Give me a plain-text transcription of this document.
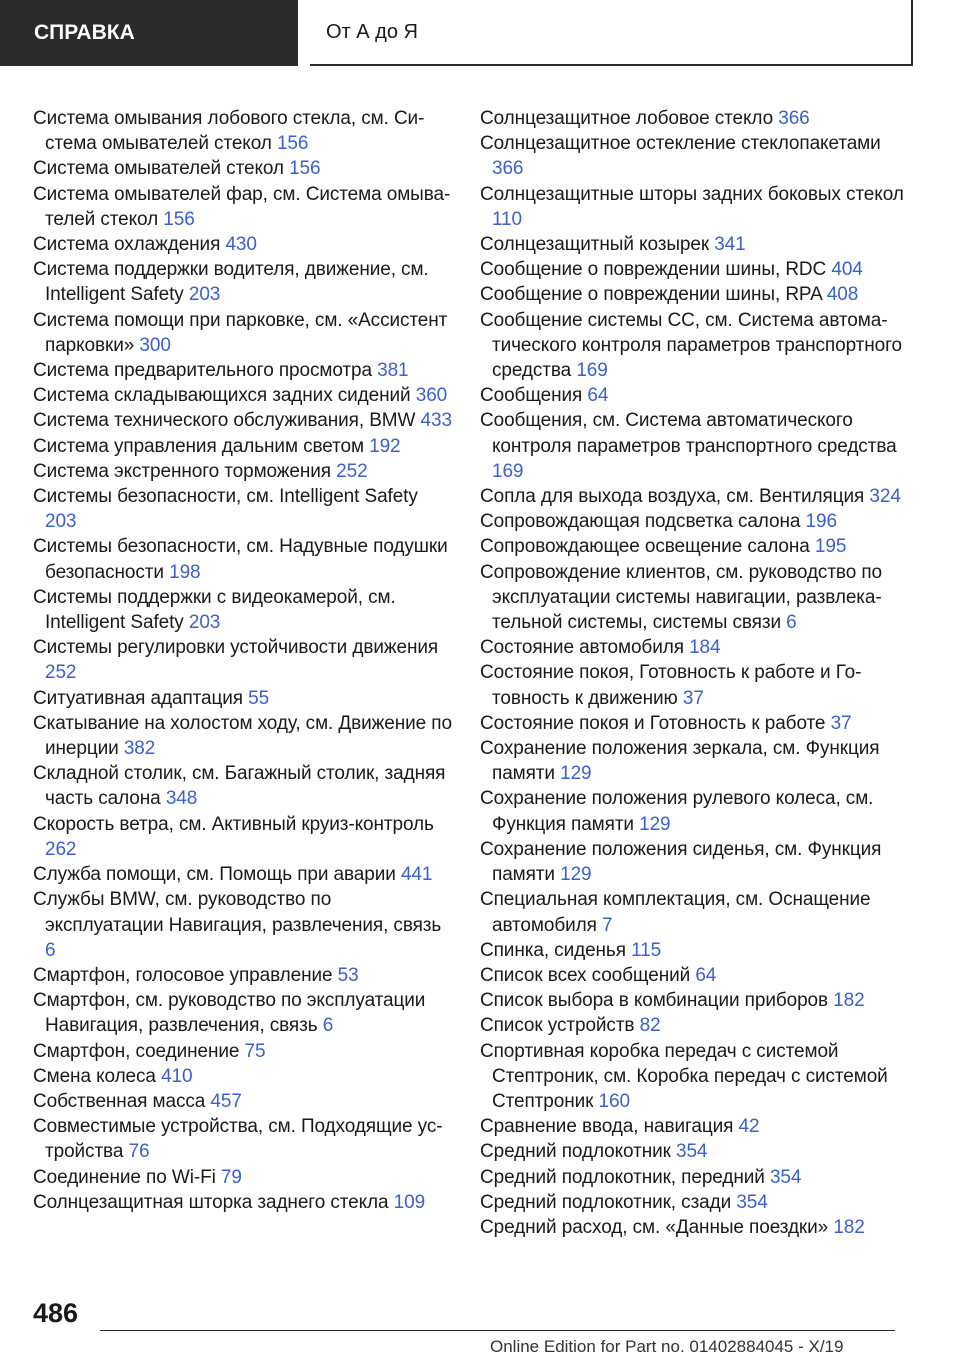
СПРАВКА	От А до Я
Система омывания лобового стекла, см. Система омывателей стекол 156
Система омывателей стекол 156
Система омывателей фар, см. Система омывателей стекол 156
Система охлаждения 430
Система поддержки водителя, движение, см. Intelligent Safety 203
Система помощи при парковке, см. «Ассистент парковки» 300
Система предварительного просмотра 381
Система складывающихся задних сидений 360
Система технического обслуживания, BMW 433
Система управления дальним светом 192
Система экстренного торможения 252
Системы безопасности, см. Intelligent Safety 203
Системы безопасности, см. Надувные подушки безопасности 198
Системы поддержки с видеокамерой, см. Intelligent Safety 203
Системы регулировки устойчивости движения 252
Ситуативная адаптация 55
Скатывание на холостом ходу, см. Движение по инерции 382
Складной столик, см. Багажный столик, задняя часть салона 348
Скорость ветра, см. Активный круиз-контроль 262
Служба помощи, см. Помощь при аварии 441
Службы BMW, см. руководство по эксплуатации Навигация, развлечения, связь 6
Смартфон, голосовое управление 53
Смартфон, см. руководство по эксплуатации Навигация, развлечения, связь 6
Смартфон, соединение 75
Смена колеса 410
Собственная масса 457
Совместимые устройства, см. Подходящие устройства 76
Соединение по Wi-Fi 79
Солнцезащитная шторка заднего стекла 109
Солнцезащитное лобовое стекло 366
Солнцезащитное остекление стеклопакетами 366
Солнцезащитные шторы задних боковых стекол 110
Солнцезащитный козырек 341
Сообщение о повреждении шины, RDC 404
Сообщение о повреждении шины, RPA 408
Сообщение системы CC, см. Система автоматического контроля параметров транспортного средства 169
Сообщения 64
Сообщения, см. Система автоматического контроля параметров транспортного средства 169
Сопла для выхода воздуха, см. Вентиляция 324
Сопровождающая подсветка салона 196
Сопровождающее освещение салона 195
Сопровождение клиентов, см. руководство по эксплуатации системы навигации, развлекательной системы, системы связи 6
Состояние автомобиля 184
Состояние покоя, Готовность к работе и Готовность к движению 37
Состояние покоя и Готовность к работе 37
Сохранение положения зеркала, см. Функция памяти 129
Сохранение положения рулевого колеса, см. Функция памяти 129
Сохранение положения сиденья, см. Функция памяти 129
Специальная комплектация, см. Оснащение автомобиля 7
Спинка, сиденья 115
Список всех сообщений 64
Список выбора в комбинации приборов 182
Список устройств 82
Спортивная коробка передач с системой Стептроник, см. Коробка передач с системой Стептроник 160
Сравнение ввода, навигация 42
Средний подлокотник 354
Средний подлокотник, передний 354
Средний подлокотник, сзади 354
Средний расход, см. «Данные поездки» 182
486
Online Edition for Part no. 01402884045 - X/19
